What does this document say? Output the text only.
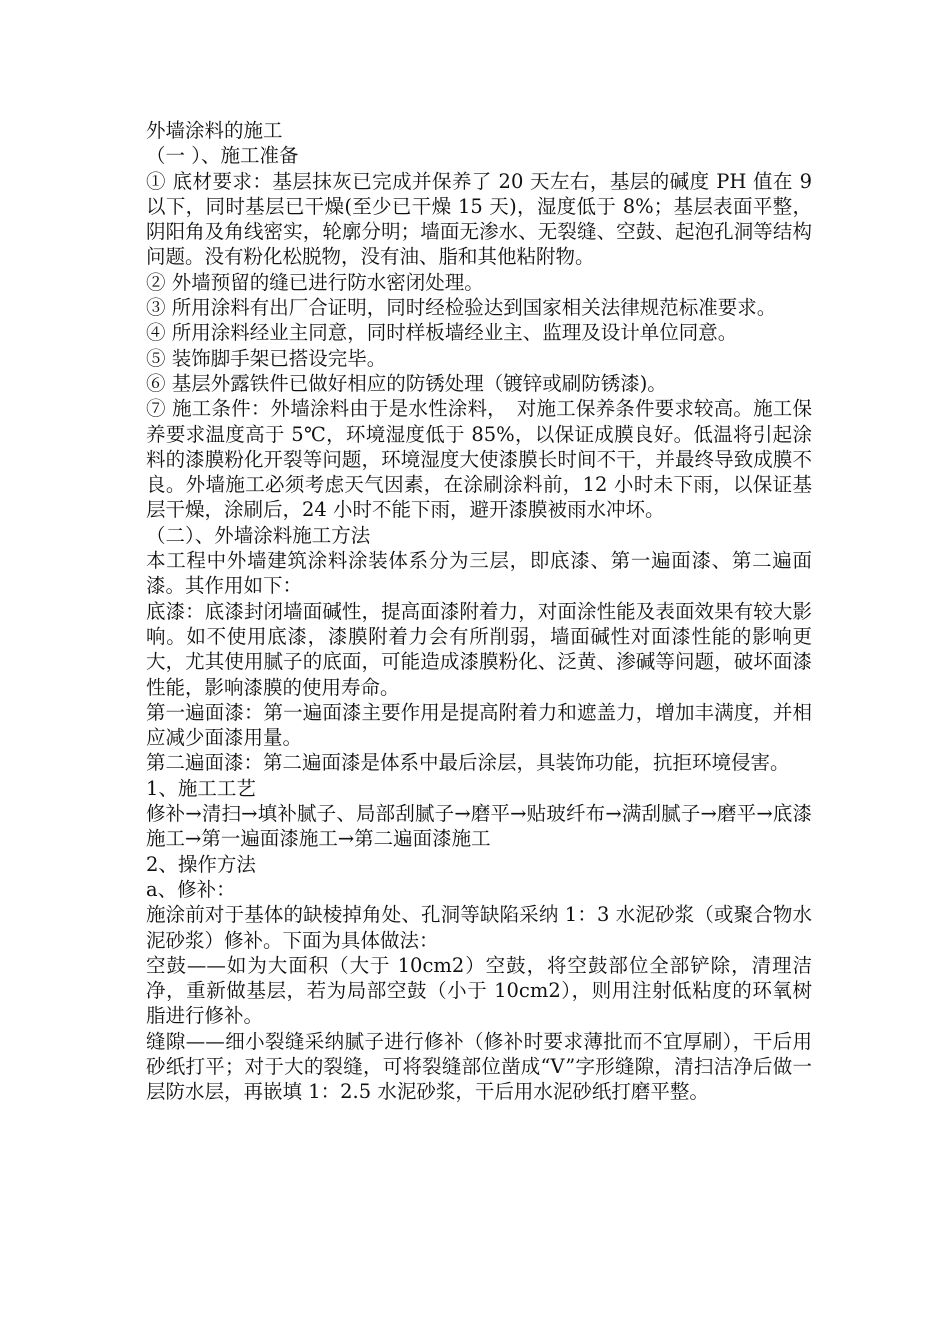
外墙涂料的施工

（一 ）、施工准备

① 底材要求：基层抹灰已完成并保养了 20 天左右，基层的碱度 PH 值在 9 以下，同时基层已干燥(至少已干燥 15 天)，湿度低于 8%；基层表面平整，阴阳角及角线密实，轮廓分明；墙面无渗水、无裂缝、空鼓、起泡孔洞等结构问题。没有粉化松脱物，没有油、脂和其他粘附物。

② 外墙预留的缝已进行防水密闭处理。

③ 所用涂料有出厂合证明，同时经检验达到国家相关法律规范标准要求。

④ 所用涂料经业主同意，同时样板墙经业主、监理及设计单位同意。

⑤ 装饰脚手架已搭设完毕。

⑥ 基层外露铁件已做好相应的防锈处理（镀锌或刷防锈漆)。

⑦ 施工条件：外墙涂料由于是水性涂料，　对施工保养条件要求较高。施工保养要求温度高于 5℃，环境湿度低于 85%，以保证成膜良好。低温将引起涂料的漆膜粉化开裂等问题，环境湿度大使漆膜长时间不干，并最终导致成膜不良。外墙施工必须考虑天气因素，在涂刷涂料前，12 小时未下雨，以保证基层干燥，涂刷后，24 小时不能下雨，避开漆膜被雨水冲坏。

（二）、外墙涂料施工方法

本工程中外墙建筑涂料涂装体系分为三层，即底漆、第一遍面漆、第二遍面漆。其作用如下：

底漆：底漆封闭墙面碱性，提高面漆附着力，对面涂性能及表面效果有较大影响。如不使用底漆，漆膜附着力会有所削弱，墙面碱性对面漆性能的影响更大，尤其使用腻子的底面，可能造成漆膜粉化、泛黄、渗碱等问题，破坏面漆性能，影响漆膜的使用寿命。

第一遍面漆：第一遍面漆主要作用是提高附着力和遮盖力，增加丰满度，并相应减少面漆用量。

第二遍面漆：第二遍面漆是体系中最后涂层，具装饰功能，抗拒环境侵害。

1、施工工艺

修补→清扫→填补腻子、局部刮腻子→磨平→贴玻纤布→满刮腻子→磨平→底漆施工→第一遍面漆施工→第二遍面漆施工

2、操作方法

a、修补：

施涂前对于基体的缺棱掉角处、孔洞等缺陷采纳 1：3 水泥砂浆（或聚合物水泥砂浆）修补。下面为具体做法：

空鼓——如为大面积（大于 10cm2）空鼓，将空鼓部位全部铲除，清理洁净，重新做基层，若为局部空鼓（小于 10cm2），则用注射低粘度的环氧树脂进行修补。

缝隙——细小裂缝采纳腻子进行修补（修补时要求薄批而不宜厚刷），干后用砂纸打平；对于大的裂缝，可将裂缝部位凿成“V”字形缝隙，清扫洁净后做一层防水层，再嵌填 1：2.5 水泥砂浆，干后用水泥砂纸打磨平整。
